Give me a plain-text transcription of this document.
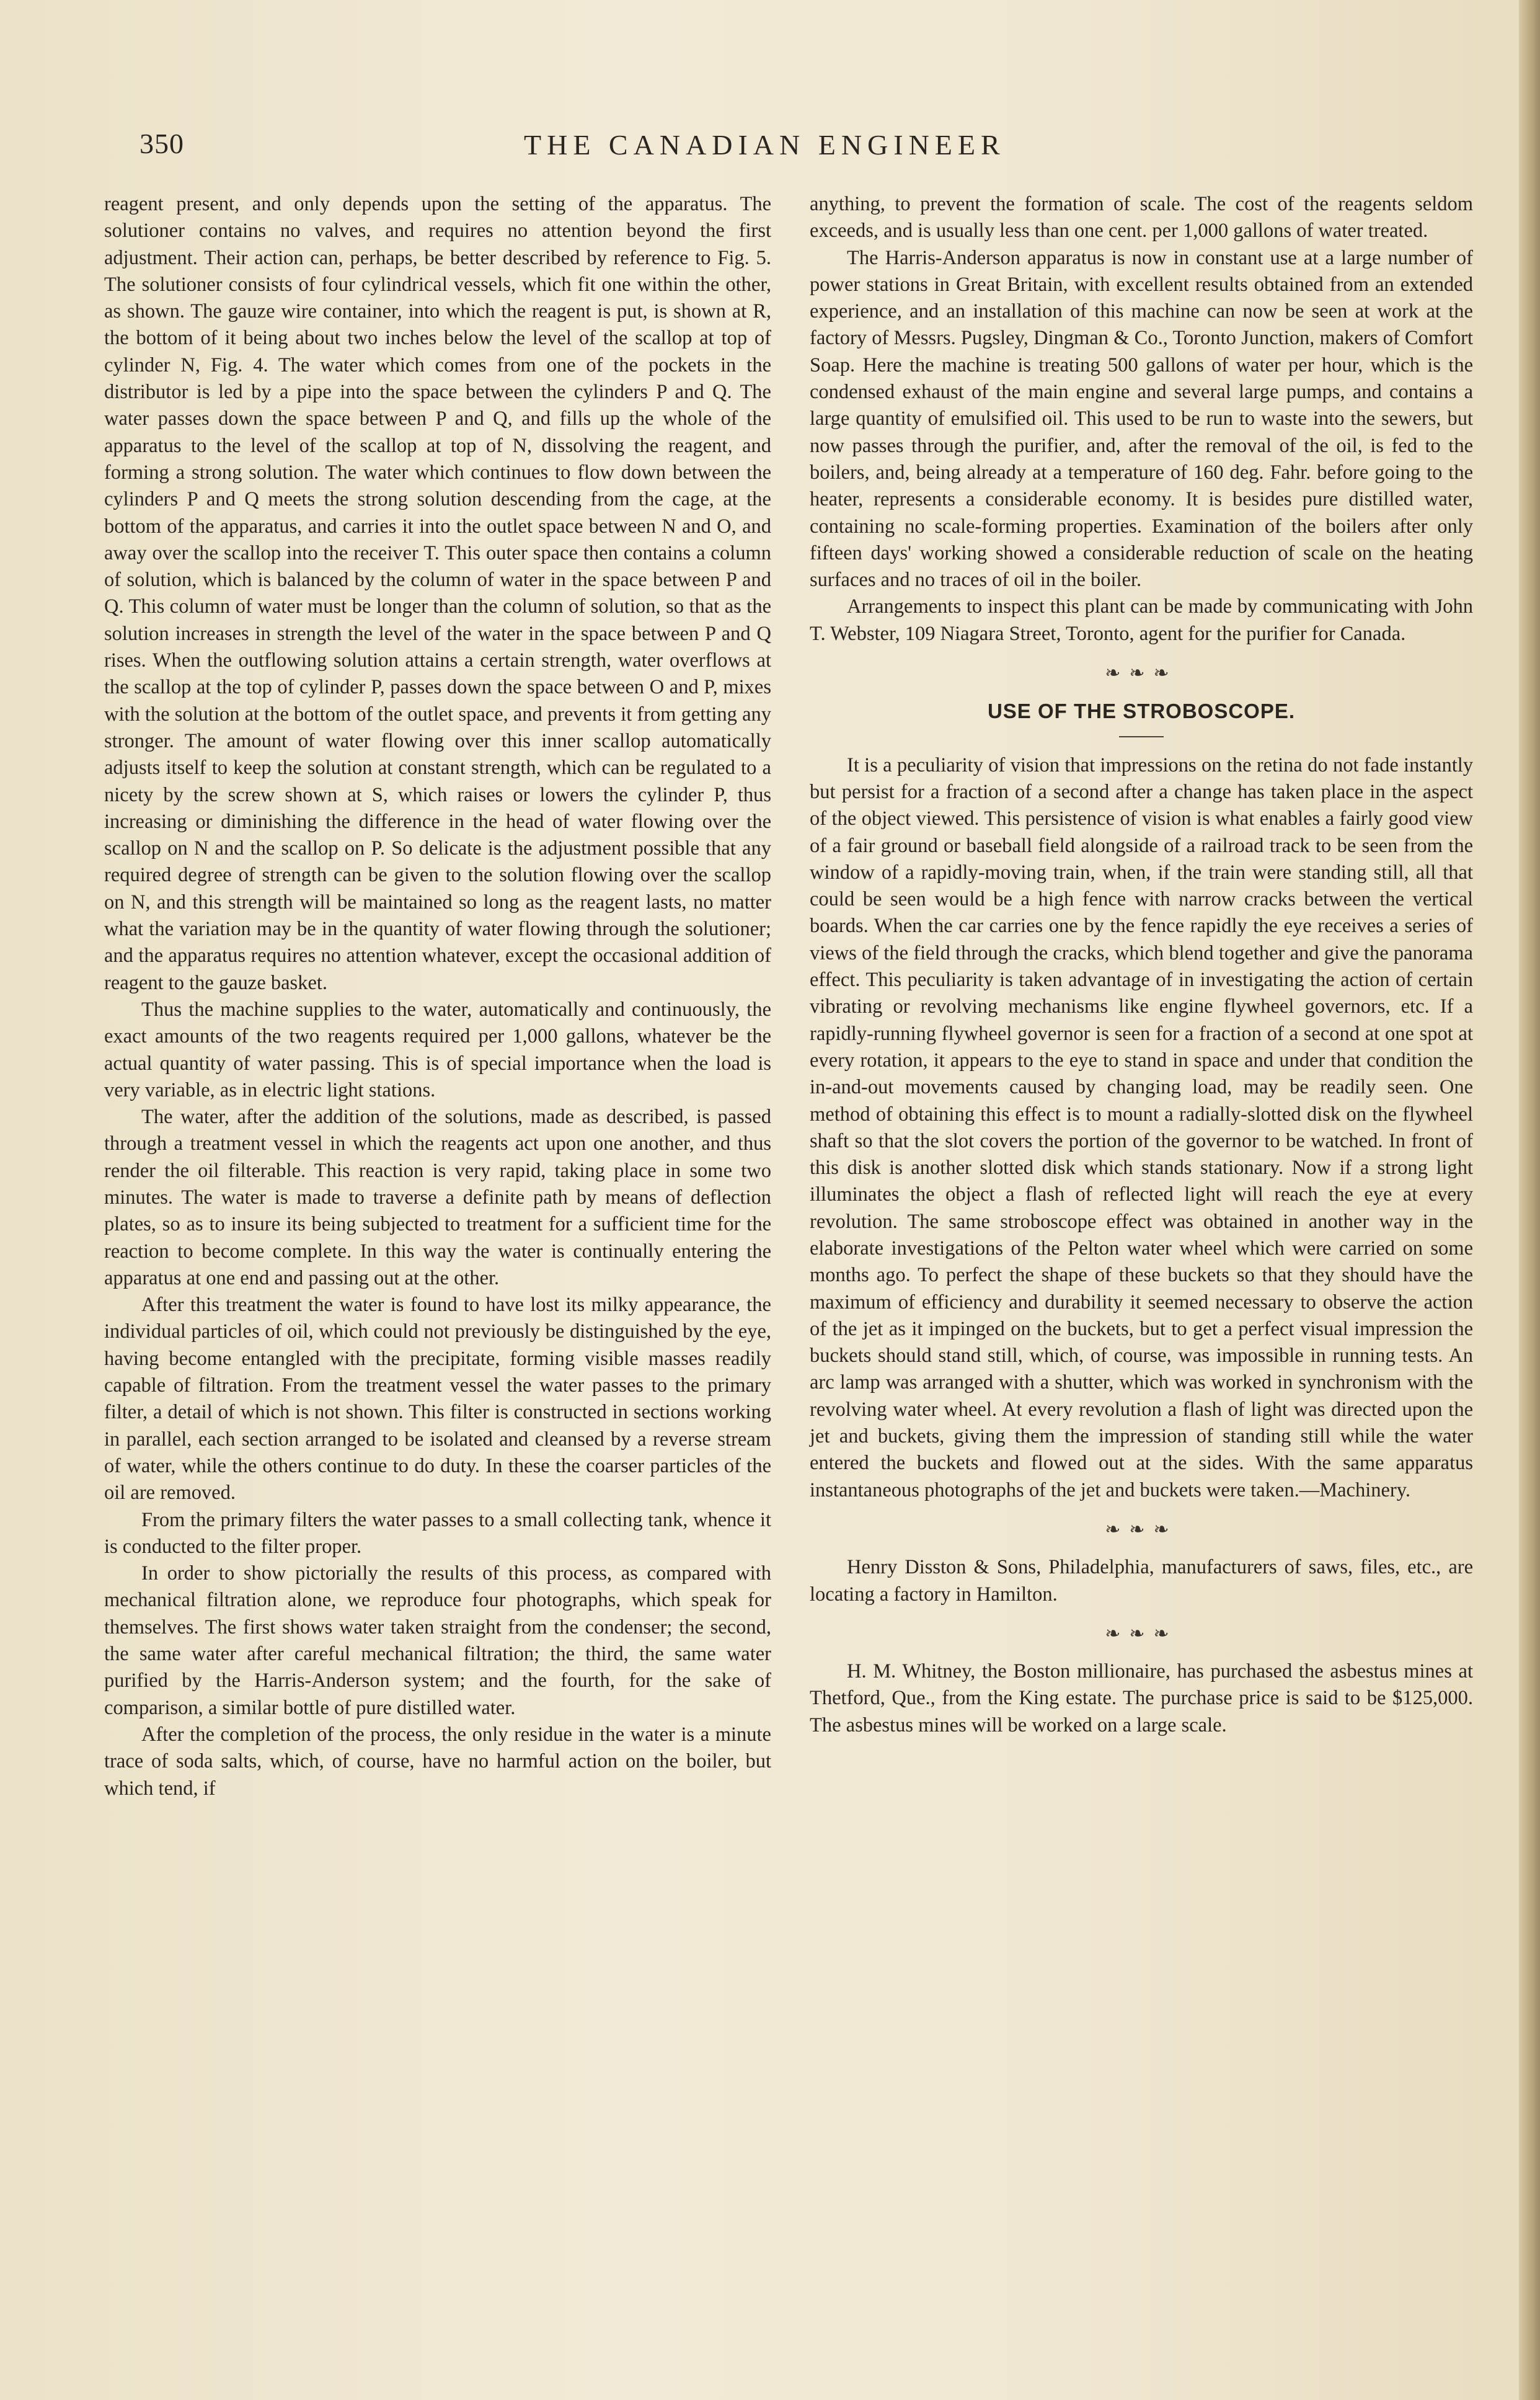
350	THE CANADIAN ENGINEER

reagent present, and only depends upon the setting of the apparatus. The solutioner contains no valves, and requires no attention beyond the first adjustment. Their action can, perhaps, be better described by reference to Fig. 5. The solutioner consists of four cylindrical vessels, which fit one within the other, as shown. The gauze wire container, into which the reagent is put, is shown at R, the bottom of it being about two inches below the level of the scallop at top of cylinder N, Fig. 4. The water which comes from one of the pockets in the distributor is led by a pipe into the space between the cylinders P and Q. The water passes down the space between P and Q, and fills up the whole of the apparatus to the level of the scallop at top of N, dissolving the reagent, and forming a strong solution. The water which continues to flow down between the cylinders P and Q meets the strong solution descending from the cage, at the bottom of the apparatus, and carries it into the outlet space between N and O, and away over the scallop into the receiver T. This outer space then contains a column of solution, which is balanced by the column of water in the space between P and Q. This column of water must be longer than the column of solution, so that as the solution increases in strength the level of the water in the space between P and Q rises. When the outflowing solution attains a certain strength, water overflows at the scallop at the top of cylinder P, passes down the space between O and P, mixes with the solution at the bottom of the outlet space, and prevents it from getting any stronger. The amount of water flowing over this inner scallop automatically adjusts itself to keep the solution at constant strength, which can be regulated to a nicety by the screw shown at S, which raises or lowers the cylinder P, thus increasing or diminishing the difference in the head of water flowing over the scallop on N and the scallop on P. So delicate is the adjustment possible that any required degree of strength can be given to the solution flowing over the scallop on N, and this strength will be maintained so long as the reagent lasts, no matter what the variation may be in the quantity of water flowing through the solutioner; and the apparatus requires no attention whatever, except the occasional addition of reagent to the gauze basket.

Thus the machine supplies to the water, automatically and continuously, the exact amounts of the two reagents required per 1,000 gallons, whatever be the actual quantity of water passing. This is of special importance when the load is very variable, as in electric light stations.

The water, after the addition of the solutions, made as described, is passed through a treatment vessel in which the reagents act upon one another, and thus render the oil filterable. This reaction is very rapid, taking place in some two minutes. The water is made to traverse a definite path by means of deflection plates, so as to insure its being subjected to treatment for a sufficient time for the reaction to become complete. In this way the water is continually entering the apparatus at one end and passing out at the other.

After this treatment the water is found to have lost its milky appearance, the individual particles of oil, which could not previously be distinguished by the eye, having become entangled with the precipitate, forming visible masses readily capable of filtration. From the treatment vessel the water passes to the primary filter, a detail of which is not shown. This filter is constructed in sections working in parallel, each section arranged to be isolated and cleansed by a reverse stream of water, while the others continue to do duty. In these the coarser particles of the oil are removed.

From the primary filters the water passes to a small collecting tank, whence it is conducted to the filter proper.

In order to show pictorially the results of this process, as compared with mechanical filtration alone, we reproduce four photographs, which speak for themselves. The first shows water taken straight from the condenser; the second, the same water after careful mechanical filtration; the third, the same water purified by the Harris-Anderson system; and the fourth, for the sake of comparison, a similar bottle of pure distilled water.

After the completion of the process, the only residue in the water is a minute trace of soda salts, which, of course, have no harmful action on the boiler, but which tend, if

anything, to prevent the formation of scale. The cost of the reagents seldom exceeds, and is usually less than one cent. per 1,000 gallons of water treated.

The Harris-Anderson apparatus is now in constant use at a large number of power stations in Great Britain, with excellent results obtained from an extended experience, and an installation of this machine can now be seen at work at the factory of Messrs. Pugsley, Dingman & Co., Toronto Junction, makers of Comfort Soap. Here the machine is treating 500 gallons of water per hour, which is the condensed exhaust of the main engine and several large pumps, and contains a large quantity of emulsified oil. This used to be run to waste into the sewers, but now passes through the purifier, and, after the removal of the oil, is fed to the boilers, and, being already at a temperature of 160 deg. Fahr. before going to the heater, represents a considerable economy. It is besides pure distilled water, containing no scale-forming properties. Examination of the boilers after only fifteen days' working showed a considerable reduction of scale on the heating surfaces and no traces of oil in the boiler.

Arrangements to inspect this plant can be made by communicating with John T. Webster, 109 Niagara Street, Toronto, agent for the purifier for Canada.

❧❧❧
USE OF THE STROBOSCOPE.

It is a peculiarity of vision that impressions on the retina do not fade instantly but persist for a fraction of a second after a change has taken place in the aspect of the object viewed. This persistence of vision is what enables a fairly good view of a fair ground or baseball field alongside of a railroad track to be seen from the window of a rapidly-moving train, when, if the train were standing still, all that could be seen would be a high fence with narrow cracks between the vertical boards. When the car carries one by the fence rapidly the eye receives a series of views of the field through the cracks, which blend together and give the panorama effect. This peculiarity is taken advantage of in investigating the action of certain vibrating or revolving mechanisms like engine flywheel governors, etc. If a rapidly-running flywheel governor is seen for a fraction of a second at one spot at every rotation, it appears to the eye to stand in space and under that condition the in-and-out movements caused by changing load, may be readily seen. One method of obtaining this effect is to mount a radially-slotted disk on the flywheel shaft so that the slot covers the portion of the governor to be watched. In front of this disk is another slotted disk which stands stationary. Now if a strong light illuminates the object a flash of reflected light will reach the eye at every revolution. The same stroboscope effect was obtained in another way in the elaborate investigations of the Pelton water wheel which were carried on some months ago. To perfect the shape of these buckets so that they should have the maximum of efficiency and durability it seemed necessary to observe the action of the jet as it impinged on the buckets, but to get a perfect visual impression the buckets should stand still, which, of course, was impossible in running tests. An arc lamp was arranged with a shutter, which was worked in synchronism with the revolving water wheel. At every revolution a flash of light was directed upon the jet and buckets, giving them the impression of standing still while the water entered the buckets and flowed out at the sides. With the same apparatus instantaneous photographs of the jet and buckets were taken.—Machinery.

❧❧❧

Henry Disston & Sons, Philadelphia, manufacturers of saws, files, etc., are locating a factory in Hamilton.

❧❧❧

H. M. Whitney, the Boston millionaire, has purchased the asbestus mines at Thetford, Que., from the King estate. The purchase price is said to be $125,000. The asbestus mines will be worked on a large scale.
